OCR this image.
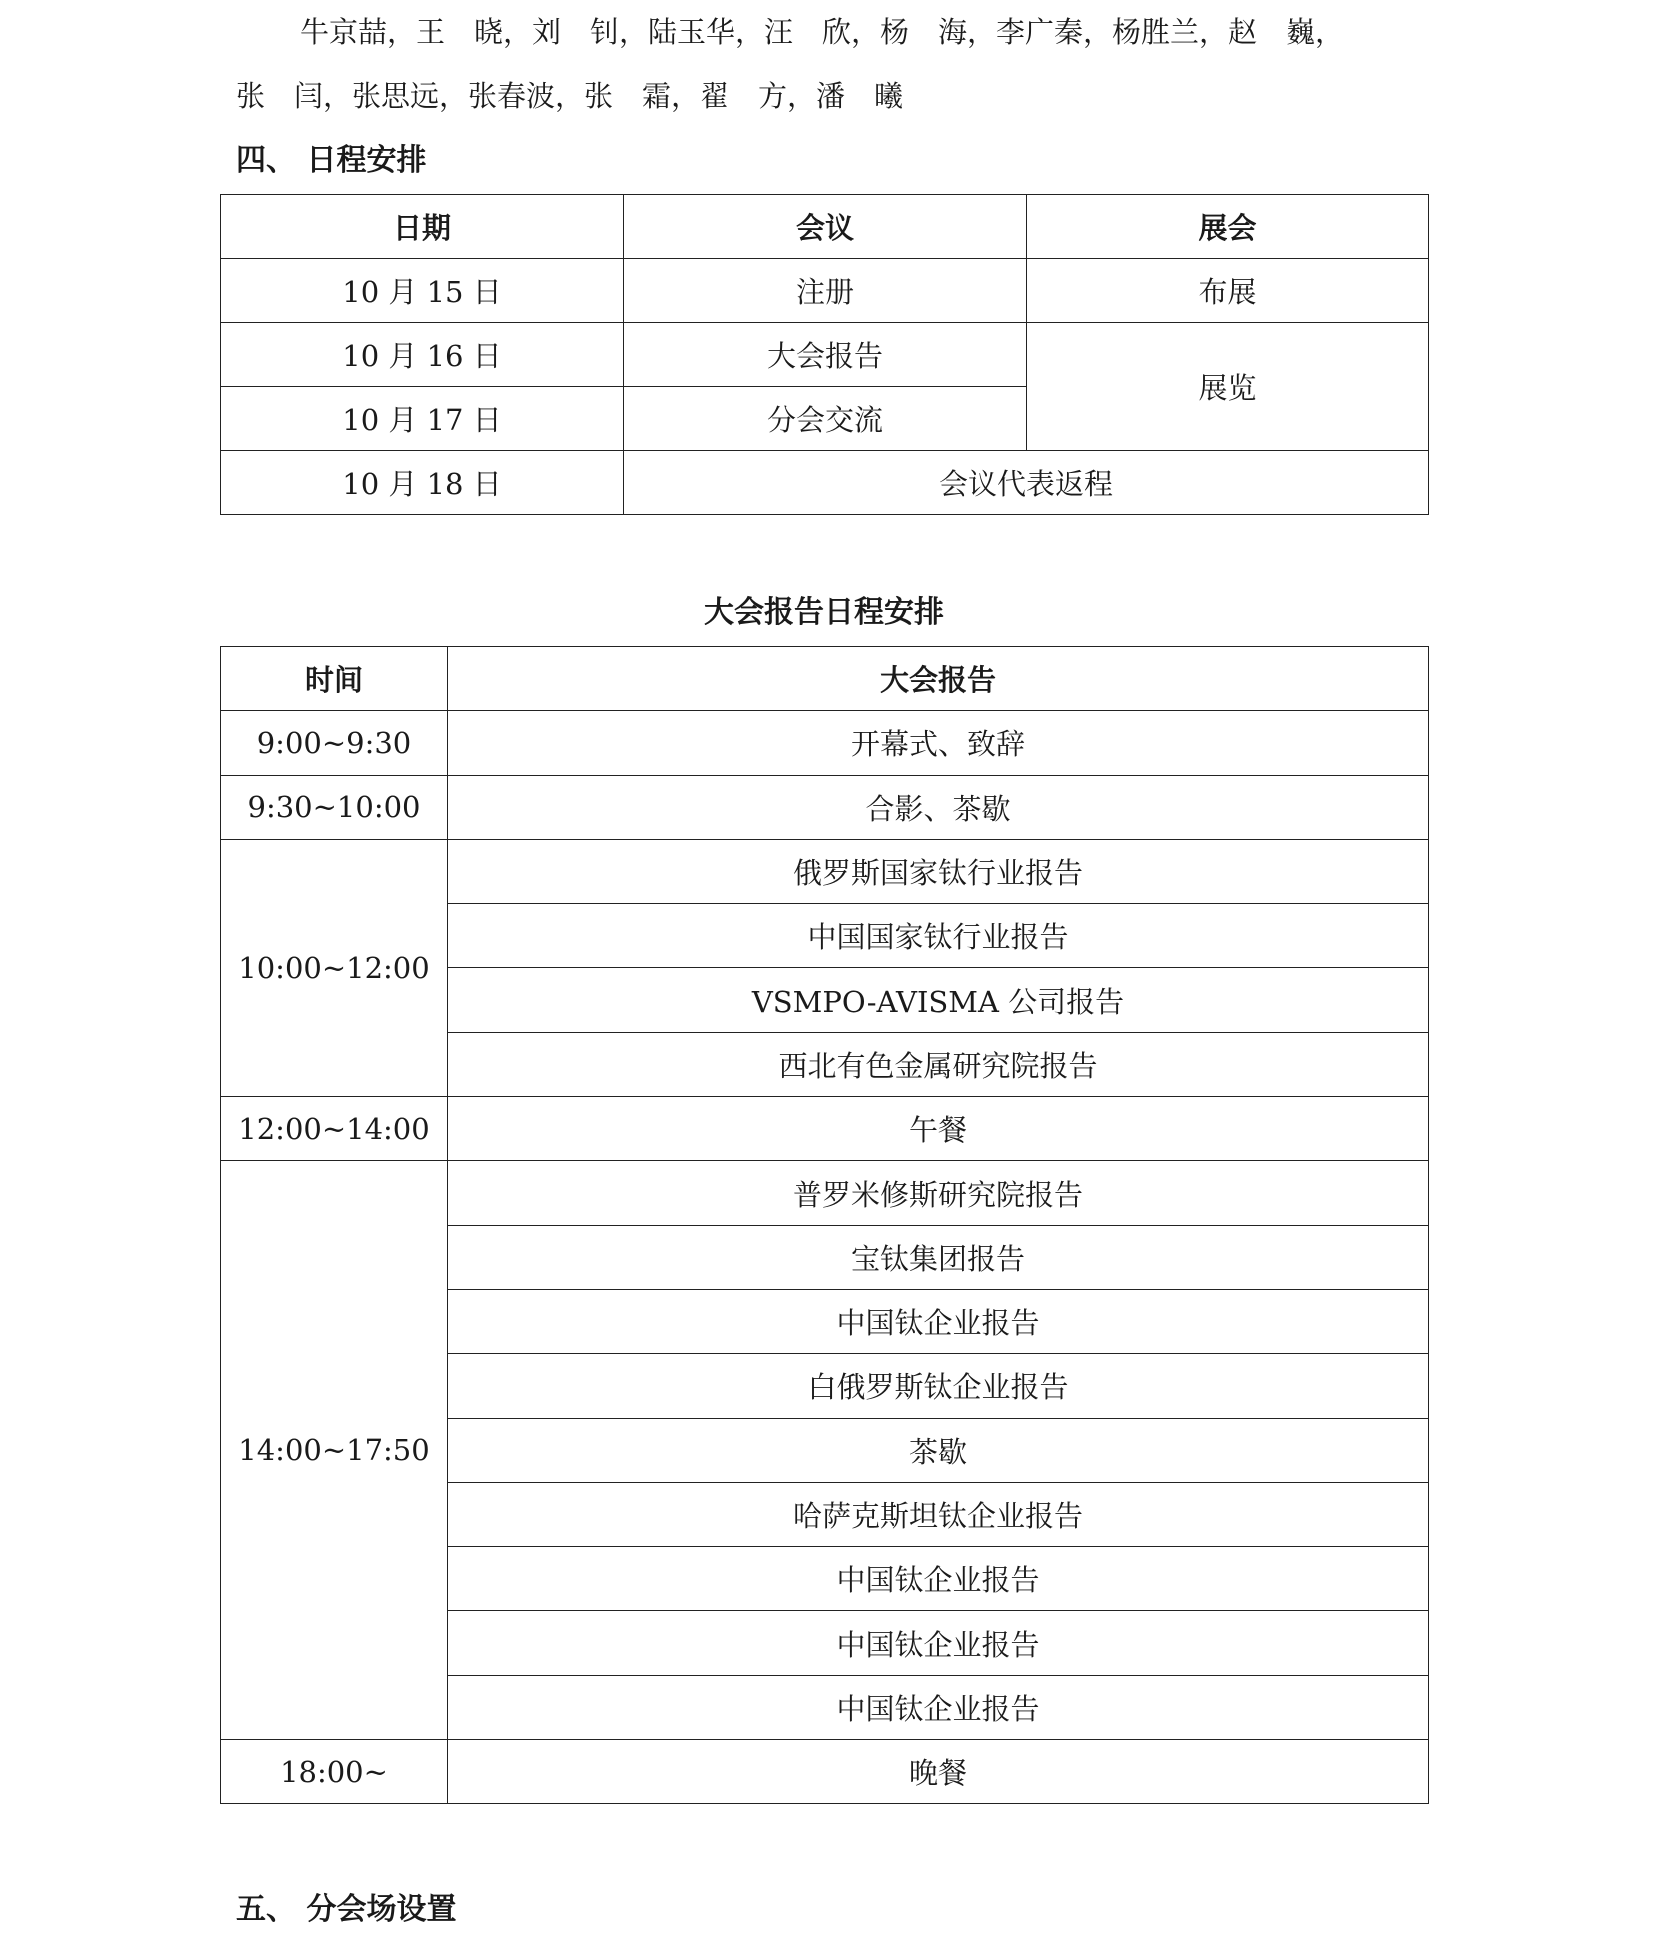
牛京喆，王　晓，刘　钊，陆玉华，汪　欣，杨　海，李广秦，杨胜兰，赵　巍，
张　闫，张思远，张春波，张　霜，翟　方，潘　曦
四、 日程安排
日期	会议	展会
10 月 15 日	注册	布展
10 月 16 日	大会报告	展览
10 月 17 日	分会交流	
10 月 18 日	会议代表返程	
大会报告日程安排
时间	大会报告
9:00~9:30	开幕式、致辞
9:30~10:00	合影、茶歇
10:00~12:00	俄罗斯国家钛行业报告
	中国国家钛行业报告
	VSMPO-AVISMA 公司报告
	西北有色金属研究院报告
12:00~14:00	午餐
14:00~17:50	普罗米修斯研究院报告
	宝钛集团报告
	中国钛企业报告
	白俄罗斯钛企业报告
	茶歇
	哈萨克斯坦钛企业报告
	中国钛企业报告
	中国钛企业报告
	中国钛企业报告
18:00~	晚餐
五、 分会场设置
